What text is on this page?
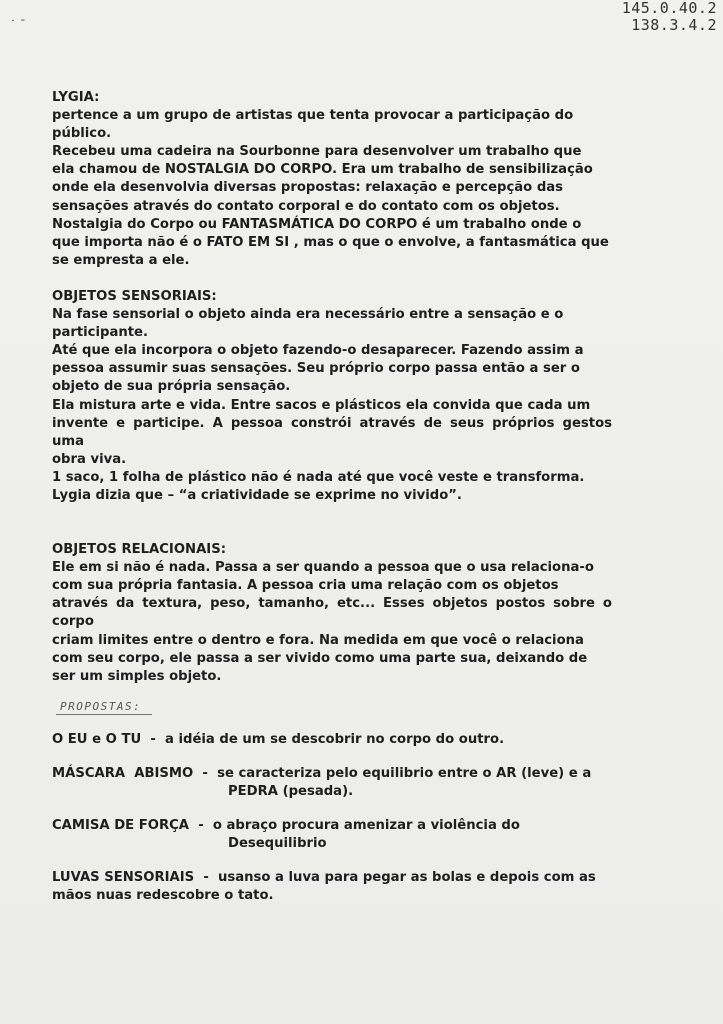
˙ ˉ
145.0.40.2
138.3.4.2

LYGIA:

pertence a um grupo de artistas que tenta provocar a participação do

público.

Recebeu uma cadeira na Sourbonne para desenvolver um trabalho que

ela chamou de NOSTALGIA DO CORPO. Era um trabalho de sensibilização

onde ela desenvolvia diversas propostas: relaxação e percepção das

sensações através do contato corporal e do contato com os objetos.

Nostalgia do Corpo ou FANTASMÁTICA DO CORPO é um trabalho onde o

que importa não é o FATO EM SI , mas o que o envolve, a fantasmática que

se empresta a ele.

OBJETOS SENSORIAIS:

Na fase sensorial o objeto ainda era necessário entre a sensação e o

participante.

Até que ela incorpora o objeto fazendo-o desaparecer. Fazendo assim a

pessoa assumir suas sensações. Seu próprio corpo passa então a ser o

objeto de sua própria sensação.

Ela mistura arte e vida. Entre sacos e plásticos ela convida que cada um

invente e participe. A pessoa constrói através de seus próprios gestos uma

obra viva.

1 saco, 1 folha de plástico não é nada até que você veste e transforma.

Lygia dizia que – “a criatividade se exprime no vivido”.

OBJETOS RELACIONAIS:

Ele em si não é nada. Passa a ser quando a pessoa que o usa relaciona-o

com sua própria fantasia. A pessoa cria uma relação com os objetos

através da textura, peso, tamanho, etc... Esses objetos postos sobre o corpo

criam limites entre o dentro e fora. Na medida em que você o relaciona

com seu corpo, ele passa a ser vivido como uma parte sua, deixando de

ser um simples objeto.

PROPOSTAS:
O EU e O TU  - a idéia de um se descobrir no corpo do outro.
MÁSCARA  ABISMO  - se caracteriza pelo equilibrio entre o AR (leve) e a
PEDRA (pesada).
CAMISA DE FORÇA  - o abraço procura amenizar a violência do
Desequilibrio
LUVAS SENSORIAIS  - usanso a luva para pegar as bolas e depois com as
mãos nuas redescobre o tato.
